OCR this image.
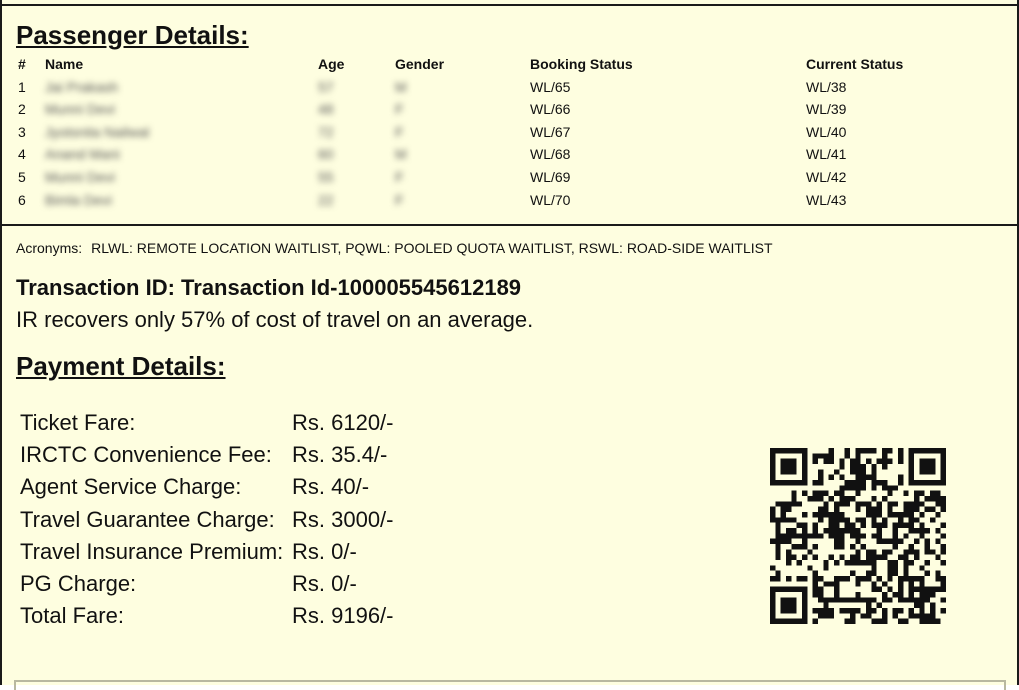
Passenger Details:
# Name	Age	Gender	Booking Status	Current Status
1 Jai Prakash	57	M	WL/65	WL/38
2 Munni Devi	48	F	WL/66	WL/39
3 Jyotsnita Nailwal	72	F	WL/67	WL/40
4 Anand Mani	60	M	WL/68	WL/41
5 Munni Devi	55	F	WL/69	WL/42
6 Bimla Devi	22	F	WL/70	WL/43
Acronyms: RLWL: REMOTE LOCATION WAITLIST, PQWL: POOLED QUOTA WAITLIST, RSWL: ROAD-SIDE WAITLIST
Transaction ID: Transaction Id-100005545612189
IR recovers only 57% of cost of travel on an average.
Payment Details:
Ticket Fare:	Rs. 6120/-
IRCTC Convenience Fee: Rs. 35.4/-
Agent Service Charge: Rs. 40/-
Travel Guarantee Charge: Rs. 3000/-
Travel Insurance Premium: Rs. 0/-
PG Charge:	Rs. 0/-
Total Fare:	Rs. 9196/-
